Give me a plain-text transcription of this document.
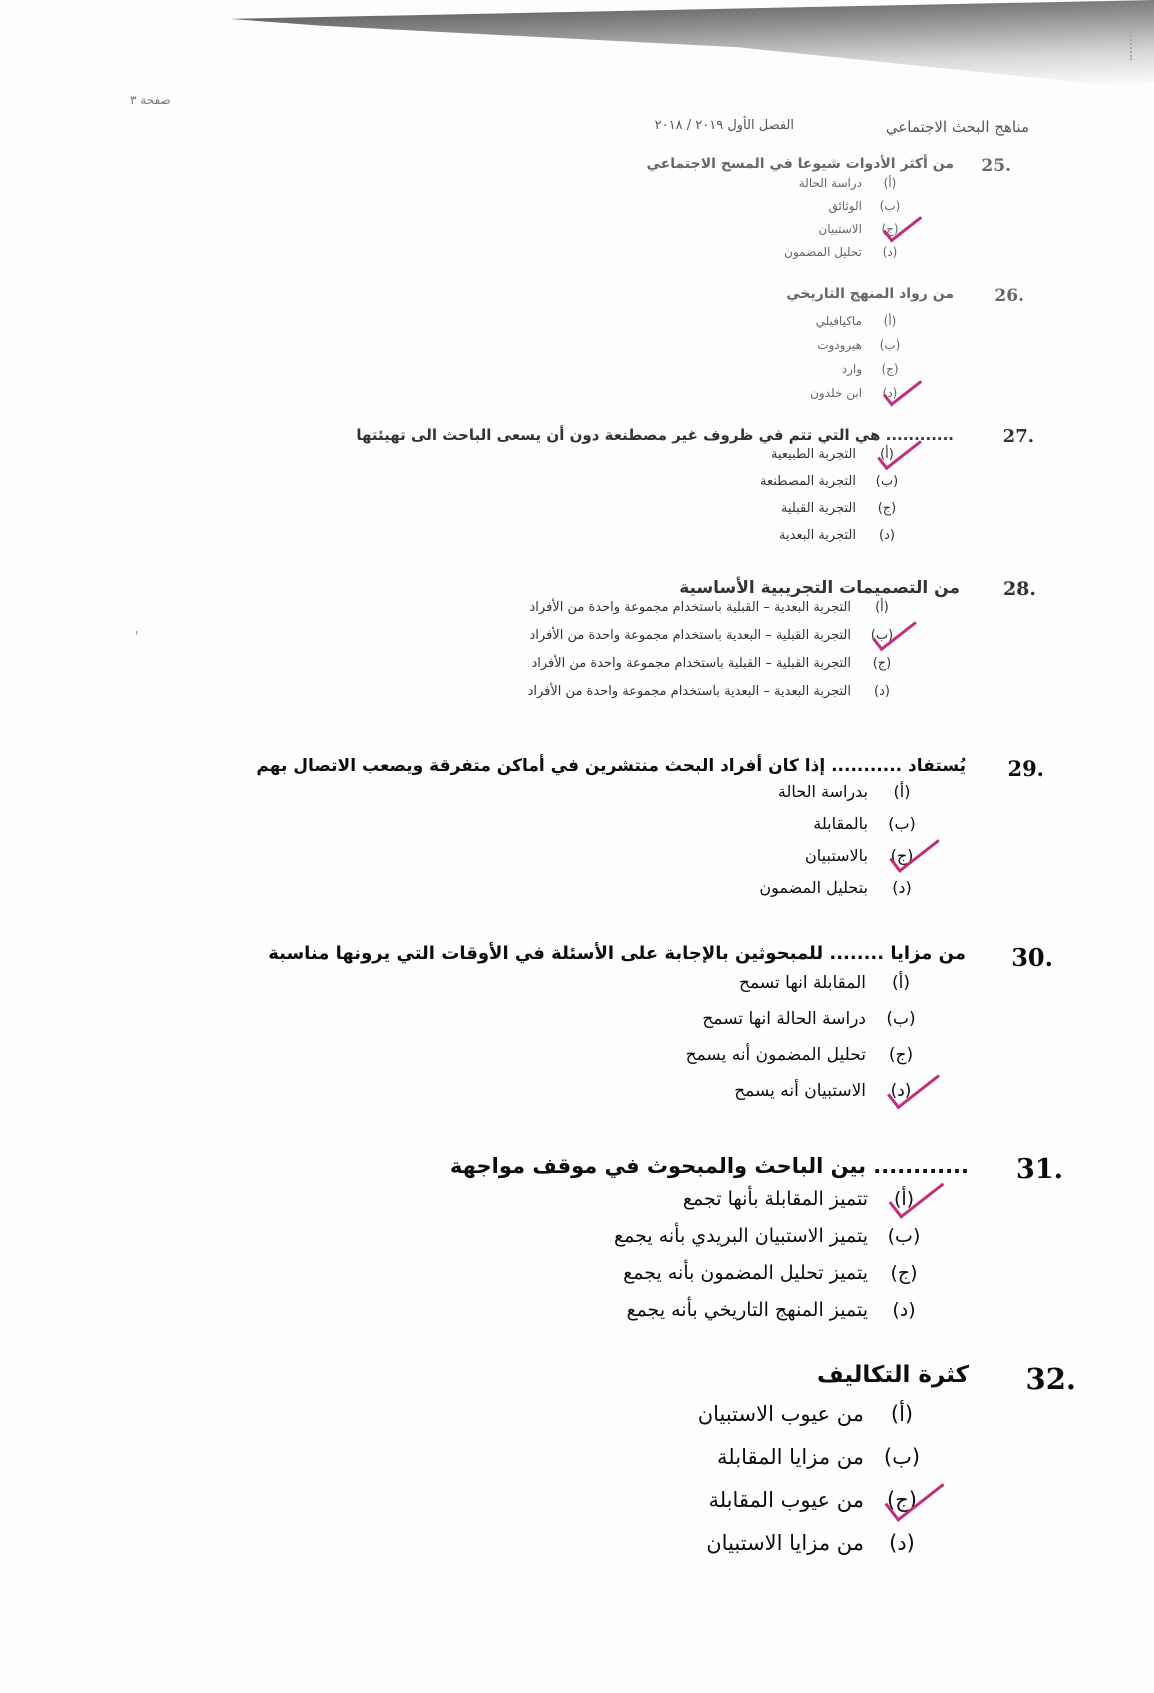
مناهج البحث الاجتماعي
الفصل الأول ٢٠١٩ / ٢٠١٨
صفحة ٣
25.
من أكثر الأدوات شيوعا في المسح الاجتماعي
(أ)دراسة الحالة
(ب)الوثائق
(ج)الاستبيان
(د)تحليل المضمون
26.
من رواد المنهج التاريخي
(أ)ماكيافيلي
(ب)هيرودوت
(ج)وارد
(د)ابن خلدون
27.
............ هي التي تتم في ظروف غير مصطنعة دون أن يسعى الباحث الى تهيئتها
(أ)التجربة الطبيعية
(ب)التجربة المصطنعة
(ج)التجربة القبلية
(د)التجربة البعدية
28.
من التصميمات التجريبية الأساسية
(أ)التجربة البعدية – القبلية باستخدام مجموعة واحدة من الأفراد
(ب)التجربة القبلية – البعدية باستخدام مجموعة واحدة من الأفراد
(ج)التجربة القبلية – القبلية باستخدام مجموعة واحدة من الأفراد
(د)التجربة البعدية – البعدية باستخدام مجموعة واحدة من الأفراد
29.
يُستفاد ........... إذا كان أفراد البحث منتشرين في أماكن متفرقة ويصعب الاتصال بهم
(أ)بدراسة الحالة
(ب)بالمقابلة
(ج)بالاستبيان
(د)بتحليل المضمون
30.
من مزايا ........ للمبحوثين بالإجابة على الأسئلة في الأوقات التي يرونها مناسبة
(أ)المقابلة انها تسمح
(ب)دراسة الحالة انها تسمح
(ج)تحليل المضمون أنه يسمح
(د)الاستبيان أنه يسمح
31.
............ بين الباحث والمبحوث في موقف مواجهة
(أ)تتميز المقابلة بأنها تجمع
(ب)يتميز الاستبيان البريدي بأنه يجمع
(ج)يتميز تحليل المضمون بأنه يجمع
(د)يتميز المنهج التاريخي بأنه يجمع
32.
كثرة التكاليف
(أ)من عيوب الاستبيان
(ب)من مزايا المقابلة
(ج)من عيوب المقابلة
(د)من مزايا الاستبيان
ˈ
